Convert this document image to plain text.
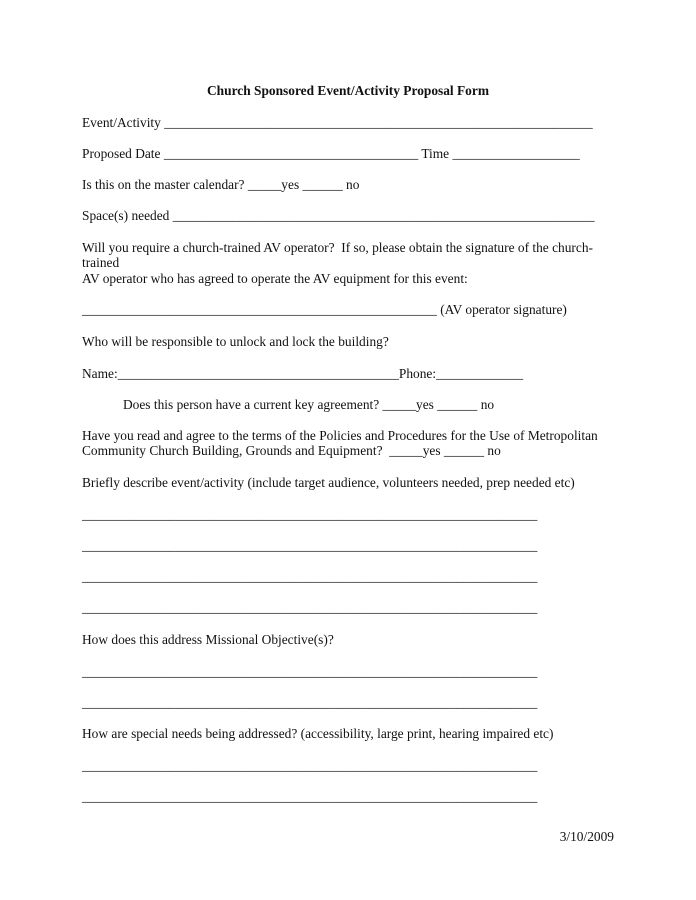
Church Sponsored Event/Activity Proposal Form
Event/Activity ________________________________________________________________
Proposed Date ______________________________________ Time ___________________
Is this on the master calendar? _____yes ______ no
Space(s) needed _______________________________________________________________
Will you require a church-trained AV operator?  If so, please obtain the signature of the church-
trained
AV operator who has agreed to operate the AV equipment for this event:
_____________________________________________________ (AV operator signature)
Who will be responsible to unlock and lock the building?
Name:__________________________________________Phone:_____________
Does this person have a current key agreement? _____yes ______ no
Have you read and agree to the terms of the Policies and Procedures for the Use of Metropolitan
Community Church Building, Grounds and Equipment?  _____yes ______ no
Briefly describe event/activity (include target audience, volunteers needed, prep needed etc)
____________________________________________________________________
____________________________________________________________________
____________________________________________________________________
____________________________________________________________________
How does this address Missional Objective(s)?
____________________________________________________________________
____________________________________________________________________
How are special needs being addressed? (accessibility, large print, hearing impaired etc)
____________________________________________________________________
____________________________________________________________________
3/10/2009
